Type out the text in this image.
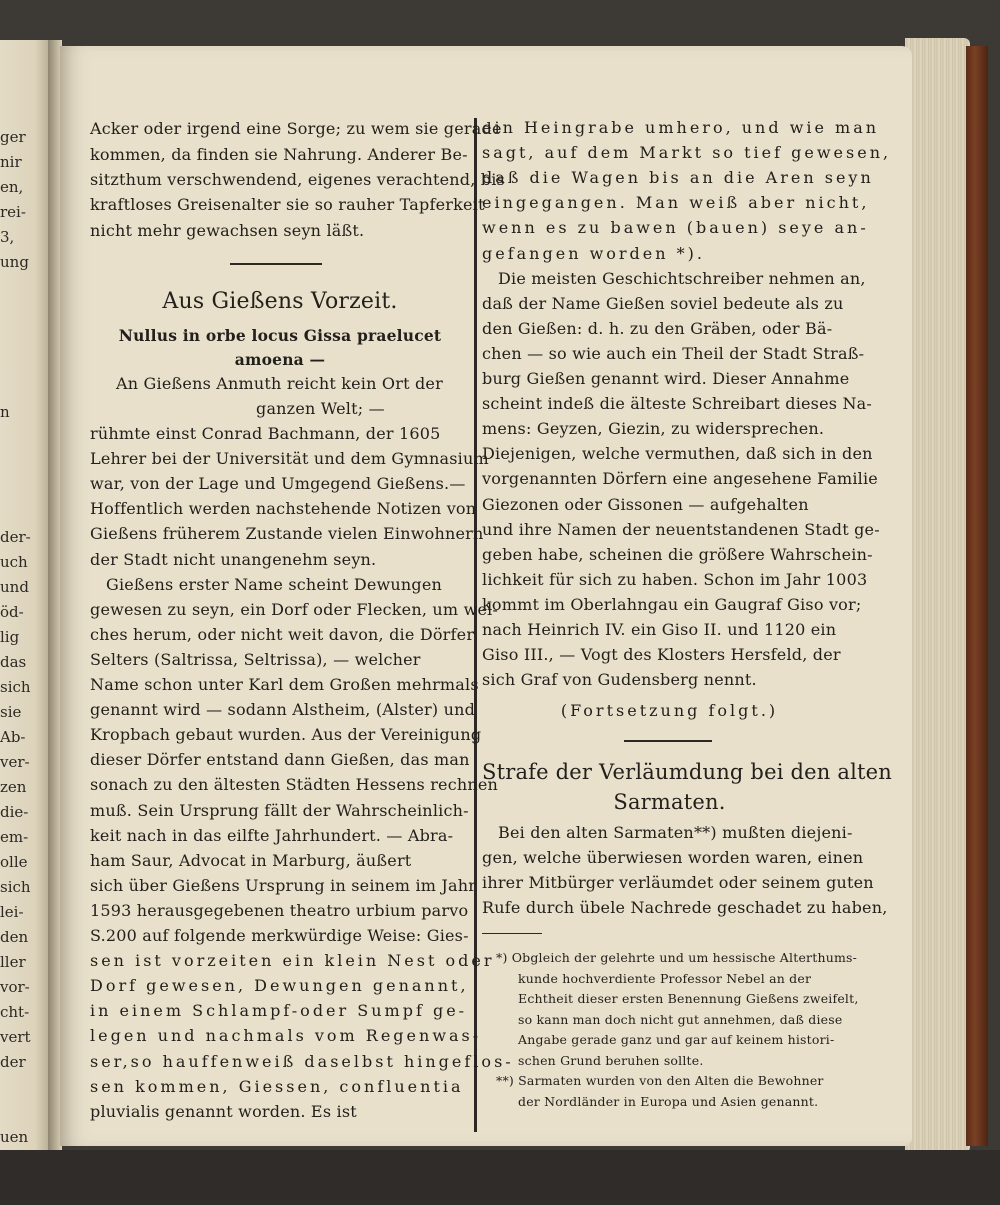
ger
nir
en,
rei-
3,
ung
n
der-
uch
und
öd-
lig
das
sich
sie
Ab-
ver-
zen
die-
em-
olle
sich
lei-
den
ller
vor-
cht-
vert
der
uen
Acker oder irgend eine Sorge; zu wem sie gerade
kommen, da finden sie Nahrung. Anderer Be-
sitzthum verschwendend, eigenes verachtend, bis
kraftloses Greisenalter sie so rauher Tapferkeit
nicht mehr gewachsen seyn läßt.
Aus Gießens Vorzeit.
Nullus in orbe locus Gissa praelucet
amoena —
An Gießens Anmuth reicht kein Ort der
ganzen Welt; —
rühmte einst Conrad Bachmann, der 1605
Lehrer bei der Universität und dem Gymnasium
war, von der Lage und Umgegend Gießens.—
Hoffentlich werden nachstehende Notizen von
Gießens früherem Zustande vielen Einwohnern
der Stadt nicht unangenehm seyn.
Gießens erster Name scheint Dewungen
gewesen zu seyn, ein Dorf oder Flecken, um wel-
ches herum, oder nicht weit davon, die Dörfer
Selters (Saltrissa, Seltrissa), — welcher
Name schon unter Karl dem Großen mehrmals
genannt wird — sodann Alstheim, (Alster) und
Kropbach gebaut wurden. Aus der Vereinigung
dieser Dörfer entstand dann Gießen, das man
sonach zu den ältesten Städten Hessens rechnen
muß. Sein Ursprung fällt der Wahrscheinlich-
keit nach in das eilfte Jahrhundert. — Abra-
ham Saur, Advocat in Marburg, äußert
sich über Gießens Ursprung in seinem im Jahr
1593 herausgegebenen theatro urbium parvo
S.200 auf folgende merkwürdige Weise: Gies-
sen ist vorzeiten ein klein Nest oder
Dorf gewesen, Dewungen genannt,
in einem Schlampf-oder Sumpf ge-
legen und nachmals vom Regenwas-
ser,so hauffenweiß daselbst hingeflos-
sen kommen, Giessen, confluentia
pluvialis genannt worden. Es ist
ein Heingrabe umhero, und wie man
sagt, auf dem Markt so tief gewesen,
daß die Wagen bis an die Aren seyn
eingegangen. Man weiß aber nicht,
wenn es zu bawen (bauen) seye an-
gefangen worden *).
Die meisten Geschichtschreiber nehmen an,
daß der Name Gießen soviel bedeute als zu
den Gießen: d. h. zu den Gräben, oder Bä-
chen — so wie auch ein Theil der Stadt Straß-
burg Gießen genannt wird. Dieser Annahme
scheint indeß die älteste Schreibart dieses Na-
mens: Geyzen, Giezin, zu widersprechen.
Diejenigen, welche vermuthen, daß sich in den
vorgenannten Dörfern eine angesehene Familie
Giezonen oder Gissonen — aufgehalten
und ihre Namen der neuentstandenen Stadt ge-
geben habe, scheinen die größere Wahrschein-
lichkeit für sich zu haben. Schon im Jahr 1003
kommt im Oberlahngau ein Gaugraf Giso vor;
nach Heinrich IV. ein Giso II. und 1120 ein
Giso III., — Vogt des Klosters Hersfeld, der
sich Graf von Gudensberg nennt.
(Fortsetzung folgt.)
Strafe der Verläumdung bei den alten
Sarmaten.
Bei den alten Sarmaten**) mußten diejeni-
gen, welche überwiesen worden waren, einen
ihrer Mitbürger verläumdet oder seinem guten
Rufe durch übele Nachrede geschadet zu haben,
*) Obgleich der gelehrte und um hessische Alterthums-
kunde hochverdiente Professor Nebel an der
Echtheit dieser ersten Benennung Gießens zweifelt,
so kann man doch nicht gut annehmen, daß diese
Angabe gerade ganz und gar auf keinem histori-
schen Grund beruhen sollte.
**) Sarmaten wurden von den Alten die Bewohner
der Nordländer in Europa und Asien genannt.
